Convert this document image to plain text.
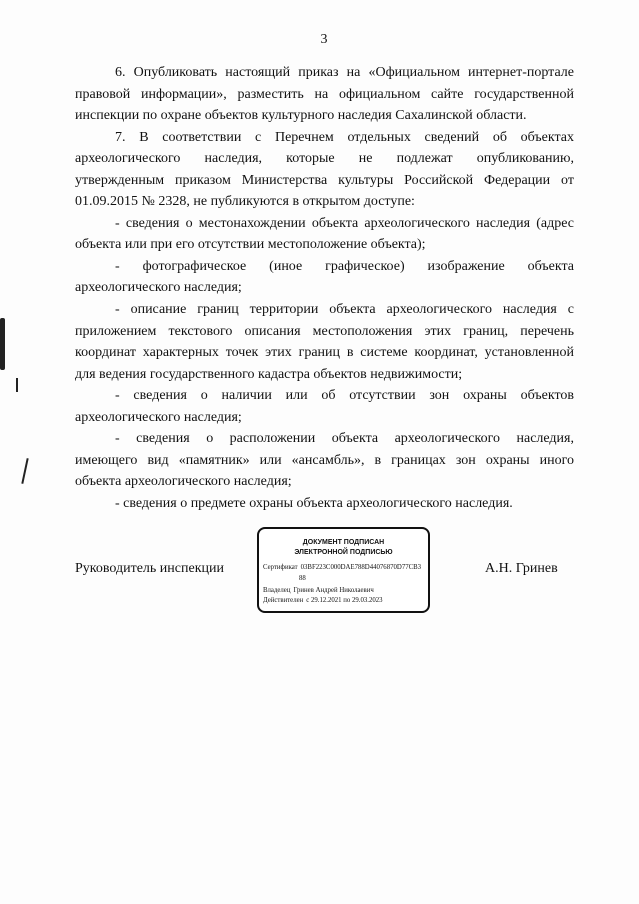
3
6. Опубликовать настоящий приказ на «Официальном интернет-портале
правовой информации», разместить на официальном сайте государственной
инспекции по охране объектов культурного наследия Сахалинской области.
7. В соответствии с Перечнем отдельных сведений об объектах
археологического наследия, которые не подлежат опубликованию,
утвержденным приказом Министерства культуры Российской Федерации от
01.09.2015 № 2328, не публикуются в открытом доступе:
- сведения о местонахождении объекта археологического наследия (адрес
объекта или при его отсутствии местоположение объекта);
- фотографическое (иное графическое) изображение объекта
археологического наследия;
- описание границ территории объекта археологического наследия с
приложением текстового описания местоположения этих границ, перечень
координат характерных точек этих границ в системе координат, установленной
для ведения государственного кадастра объектов недвижимости;
- сведения о наличии или об отсутствии зон охраны объектов
археологического наследия;
- сведения о расположении объекта археологического наследия,
имеющего вид «памятник» или «ансамбль», в границах зон охраны иного
объекта археологического наследия;
- сведения о предмете охраны объекта археологического наследия.
Руководитель инспекции
ДОКУМЕНТ ПОДПИСАН
ЭЛЕКТРОННОЙ ПОДПИСЬЮ
Сертификат 03BF223C000DAE788D44076870D77CB3
88
Владелец Гринев Андрей Николаевич
Действителен с 29.12.2021 по 29.03.2023
А.Н. Гринев
